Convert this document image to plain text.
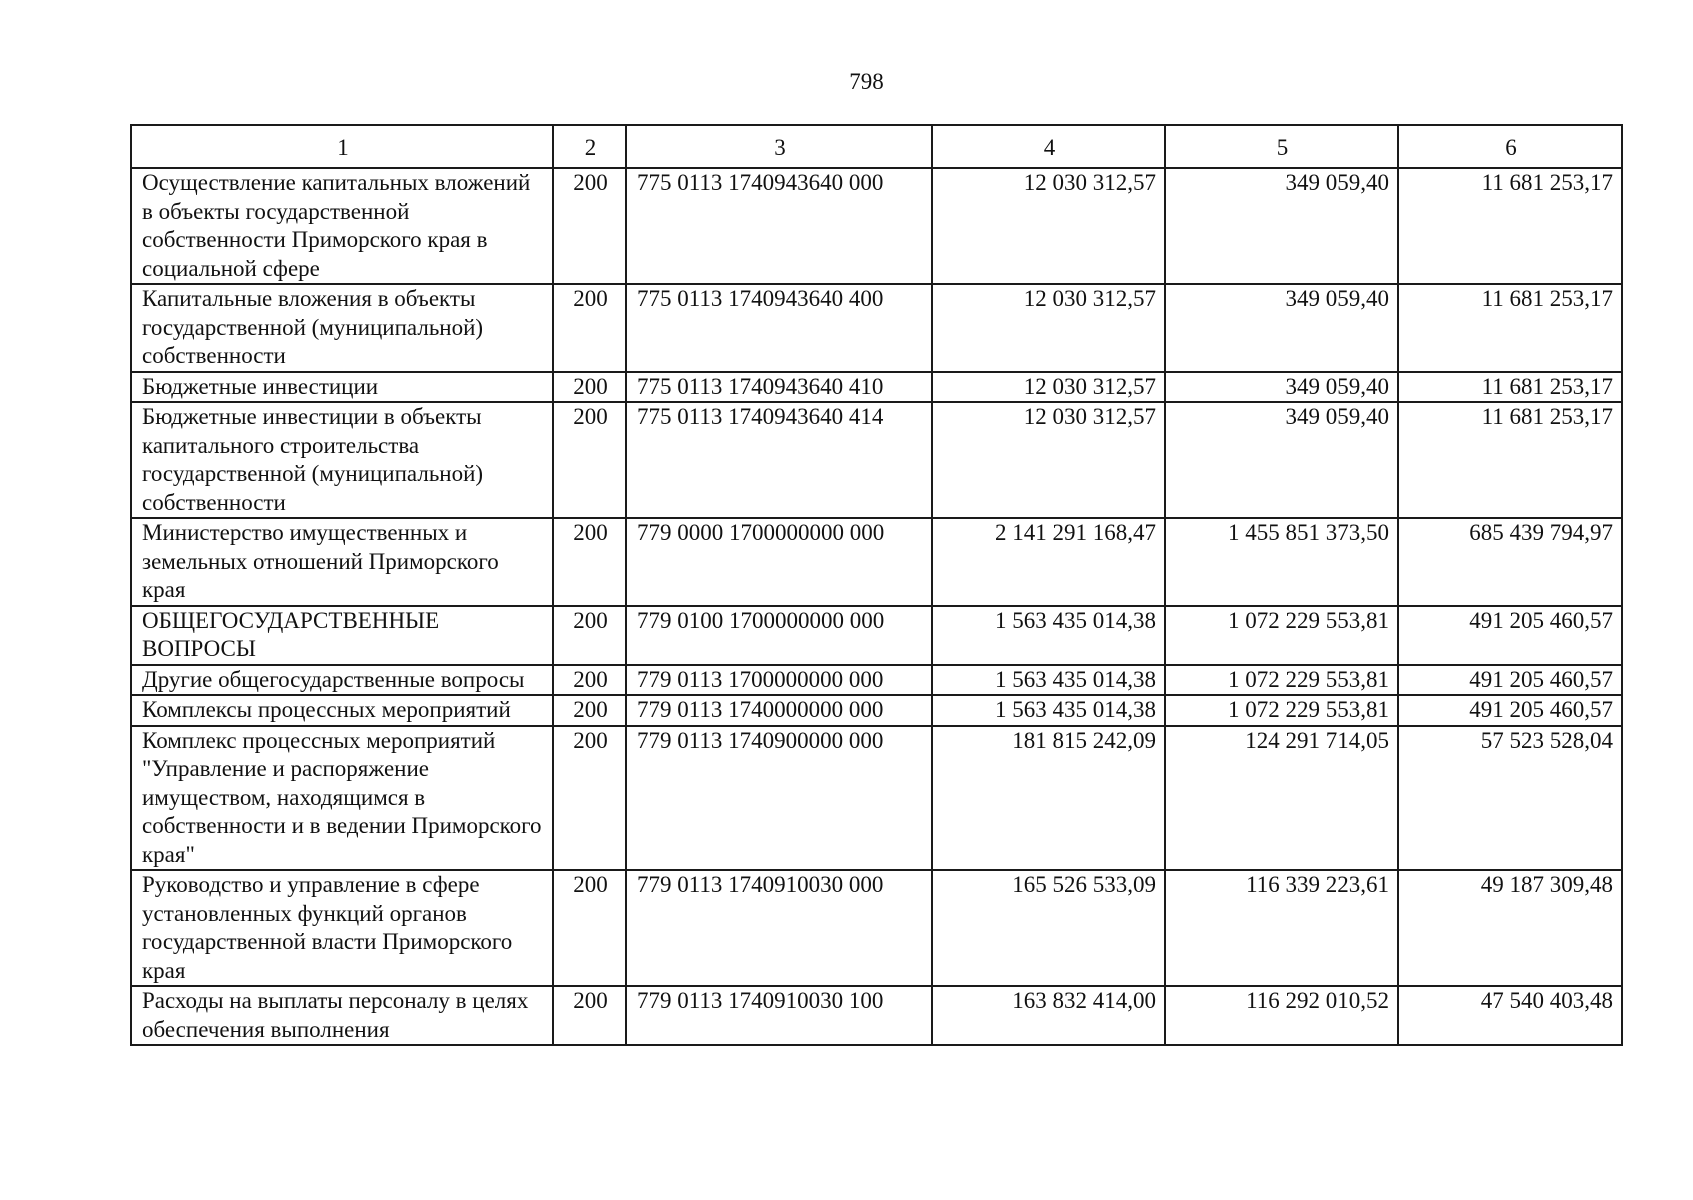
798
1	2	3	4	5	6
Осуществление капитальных вложений в объекты государственной собственности Приморского края в социальной сфере	200	775 0113 1740943640 000	12 030 312,57	349 059,40	11 681 253,17
Капитальные вложения в объекты государственной (муниципальной) собственности	200	775 0113 1740943640 400	12 030 312,57	349 059,40	11 681 253,17
Бюджетные инвестиции	200	775 0113 1740943640 410	12 030 312,57	349 059,40	11 681 253,17
Бюджетные инвестиции в объекты капитального строительства государственной (муниципальной) собственности	200	775 0113 1740943640 414	12 030 312,57	349 059,40	11 681 253,17
Министерство имущественных и земельных отношений Приморского края	200	779 0000 1700000000 000	2 141 291 168,47	1 455 851 373,50	685 439 794,97
ОБЩЕГОСУДАРСТВЕННЫЕ ВОПРОСЫ	200	779 0100 1700000000 000	1 563 435 014,38	1 072 229 553,81	491 205 460,57
Другие общегосударственные вопросы	200	779 0113 1700000000 000	1 563 435 014,38	1 072 229 553,81	491 205 460,57
Комплексы процессных мероприятий	200	779 0113 1740000000 000	1 563 435 014,38	1 072 229 553,81	491 205 460,57
Комплекс процессных мероприятий "Управление и распоряжение имуществом, находящимся в собственности и в ведении Приморского края"	200	779 0113 1740900000 000	181 815 242,09	124 291 714,05	57 523 528,04
Руководство и управление в сфере установленных функций органов государственной власти Приморского края	200	779 0113 1740910030 000	165 526 533,09	116 339 223,61	49 187 309,48
Расходы на выплаты персоналу в целях обеспечения выполнения	200	779 0113 1740910030 100	163 832 414,00	116 292 010,52	47 540 403,48
